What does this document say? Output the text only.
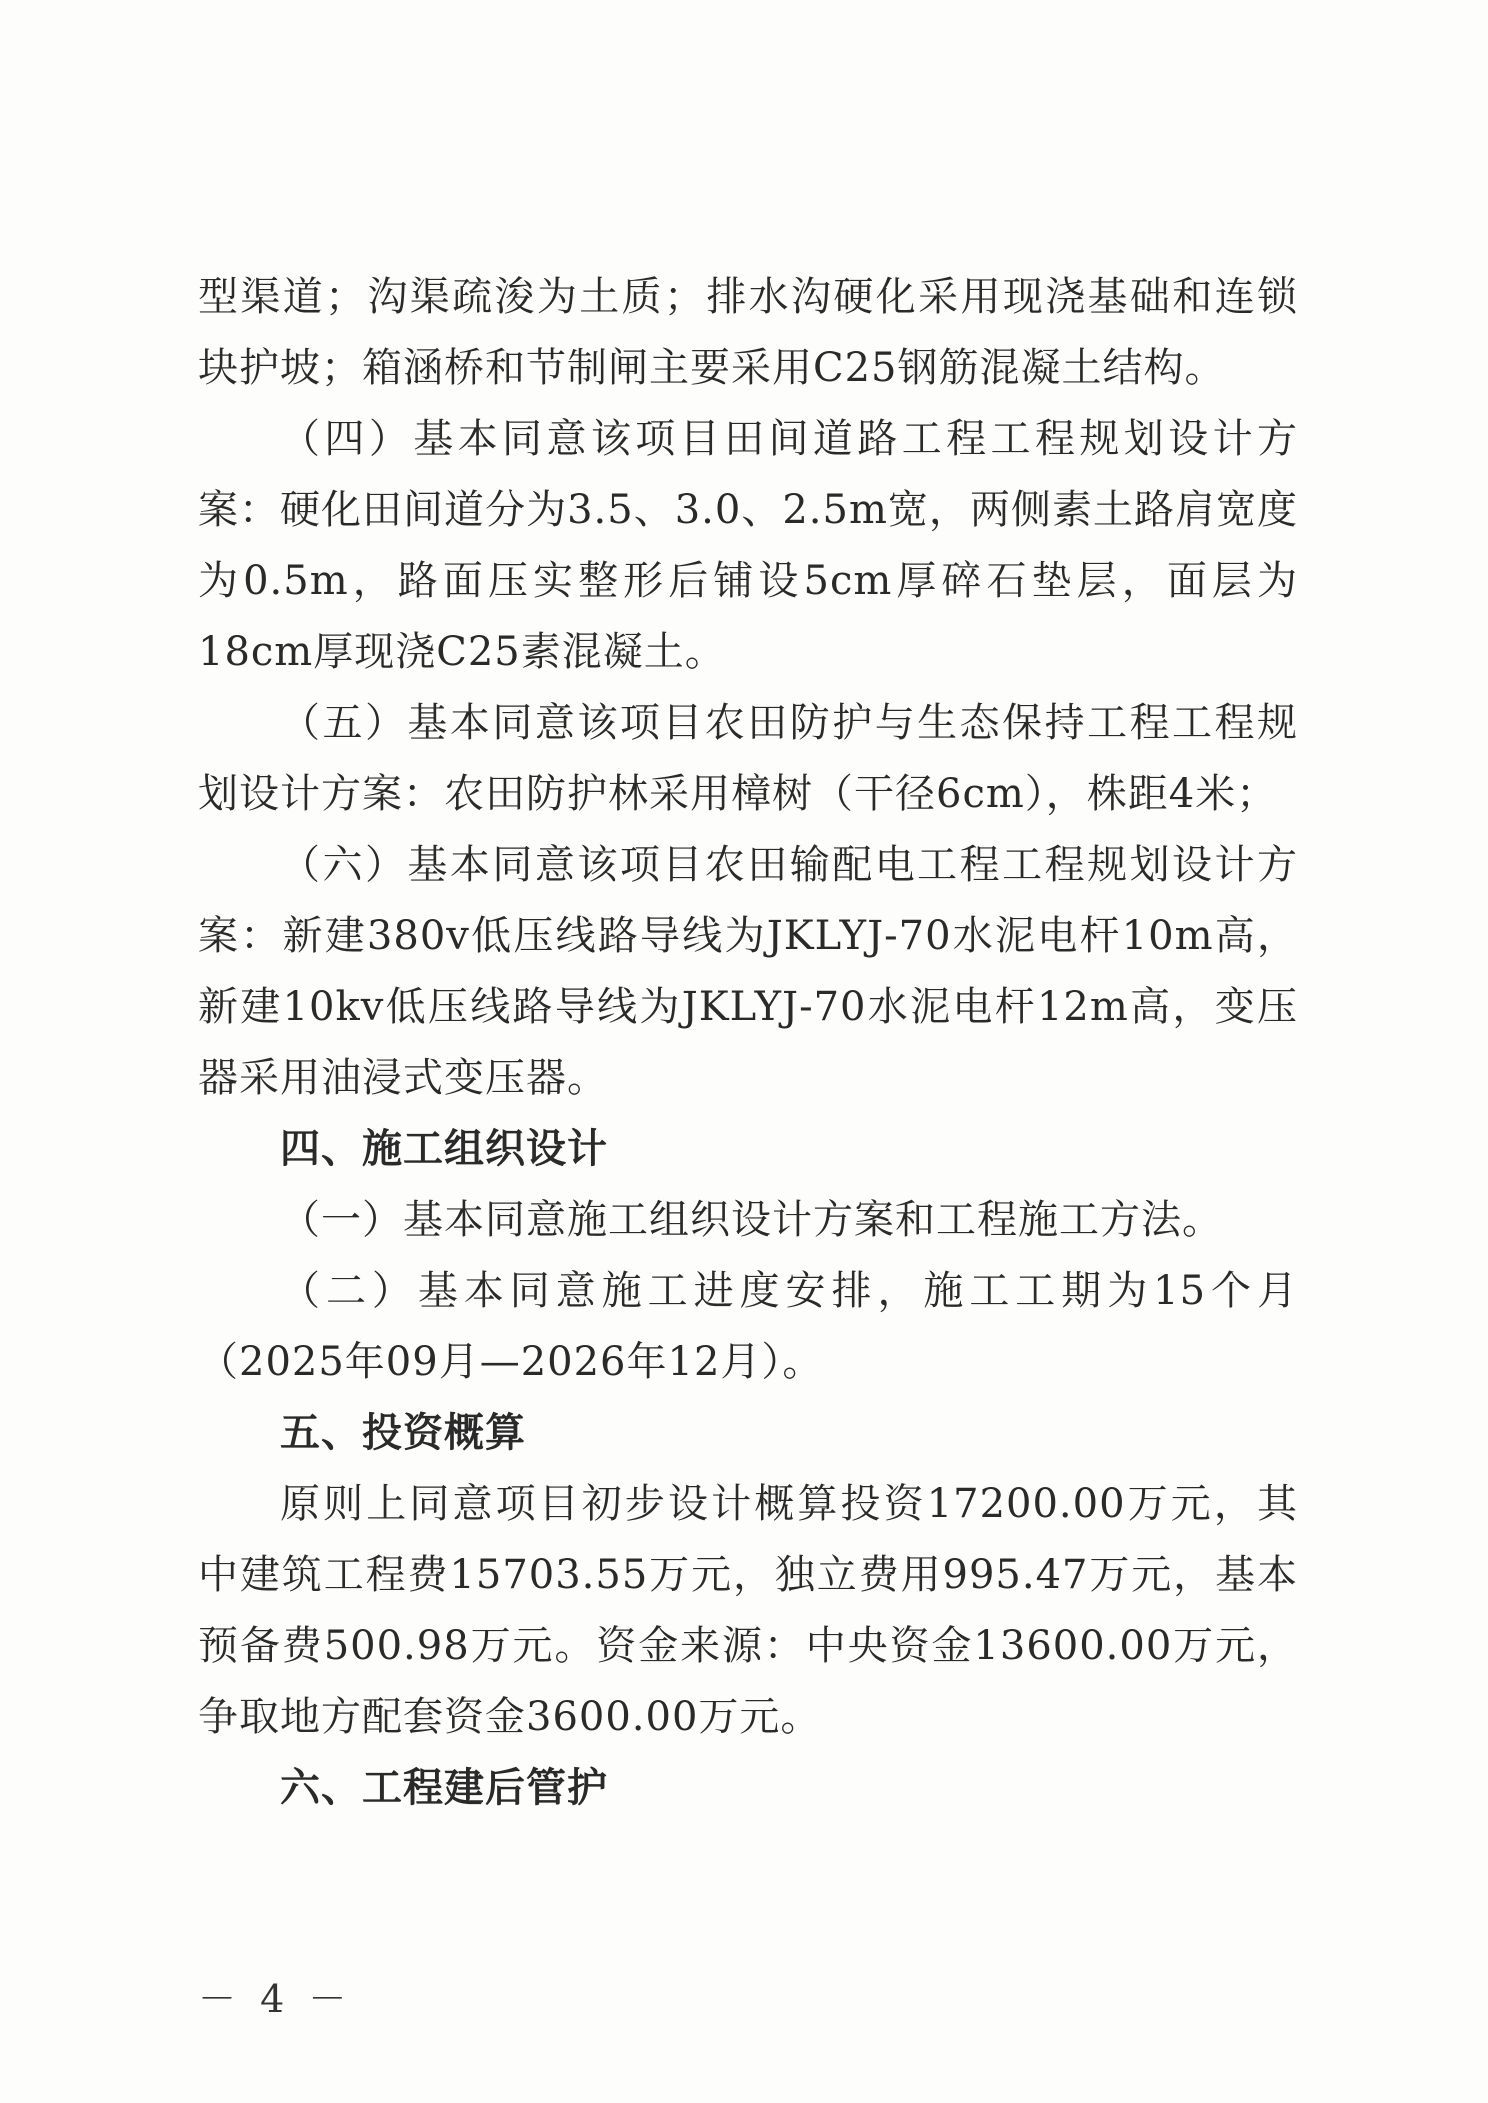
型渠道；沟渠疏浚为土质；排水沟硬化采用现浇基础和连锁块护坡；箱涵桥和节制闸主要采用C25钢筋混凝土结构。

（四）基本同意该项目田间道路工程工程规划设计方案：硬化田间道分为3.5、3.0、2.5m宽，两侧素土路肩宽度为0.5m，路面压实整形后铺设5cm厚碎石垫层，面层为18cm厚现浇C25素混凝土。

（五）基本同意该项目农田防护与生态保持工程工程规划设计方案：农田防护林采用樟树（干径6cm），株距4米；

（六）基本同意该项目农田输配电工程工程规划设计方案：新建380v低压线路导线为JKLYJ-70水泥电杆10m高，新建10kv低压线路导线为JKLYJ-70水泥电杆12m高，变压器采用油浸式变压器。

四、施工组织设计

（一）基本同意施工组织设计方案和工程施工方法。

（二）基本同意施工进度安排，施工工期为15个月（2025年09月—2026年12月）。

五、投资概算

原则上同意项目初步设计概算投资17200.00万元，其中建筑工程费15703.55万元，独立费用995.47万元，基本预备费500.98万元。资金来源：中央资金13600.00万元，争取地方配套资金3600.00万元。

六、工程建后管护
－ 4 －
